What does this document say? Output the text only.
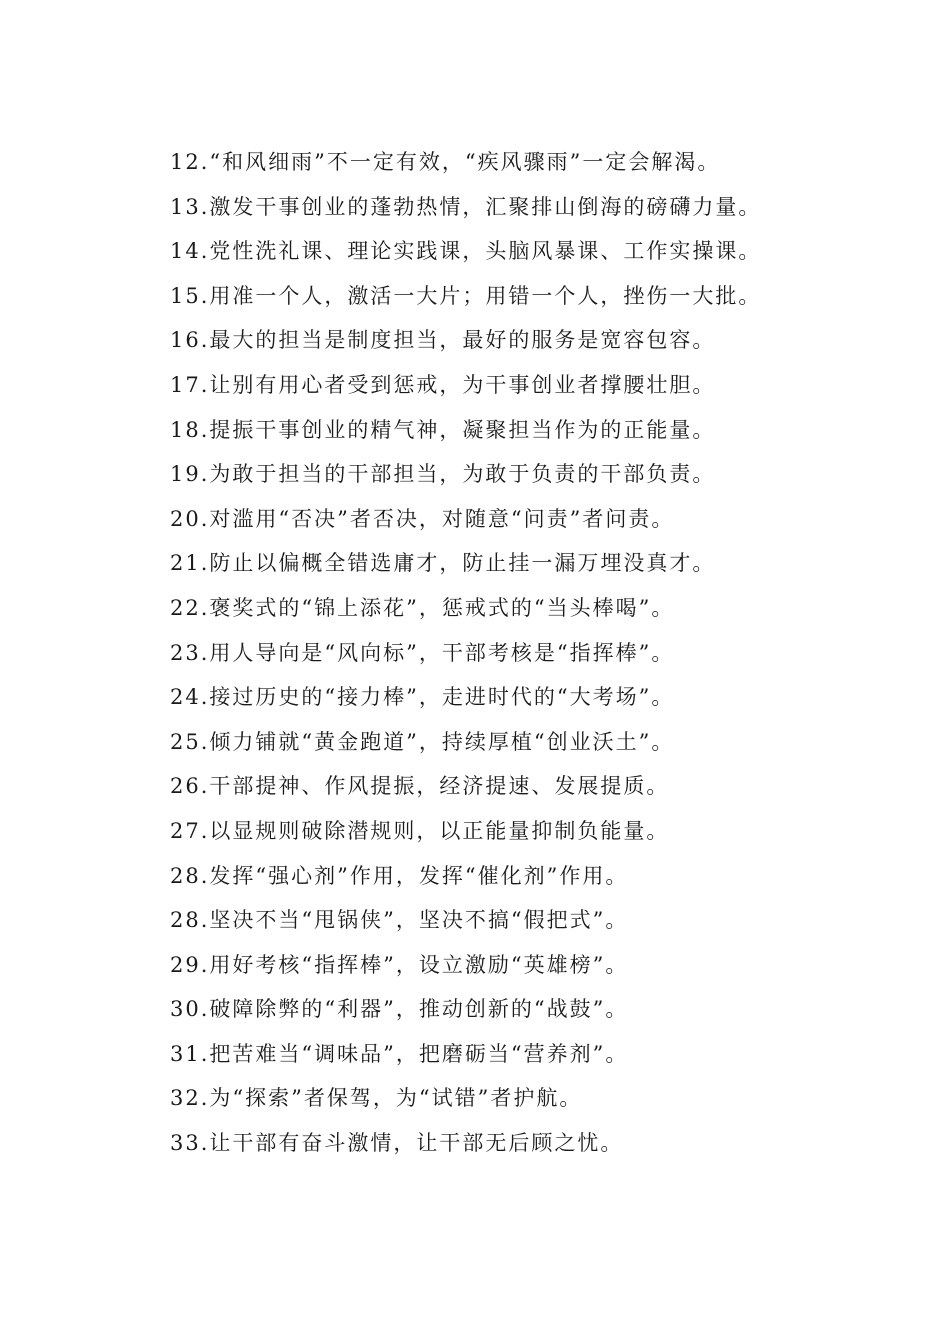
12.“和风细雨”不一定有效，“疾风骤雨”一定会解渴。
13.激发干事创业的蓬勃热情，汇聚排山倒海的磅礴力量。
14.党性洗礼课、理论实践课，头脑风暴课、工作实操课。
15.用准一个人，激活一大片；用错一个人，挫伤一大批。
16.最大的担当是制度担当，最好的服务是宽容包容。
17.让别有用心者受到惩戒，为干事创业者撑腰壮胆。
18.提振干事创业的精气神，凝聚担当作为的正能量。
19.为敢于担当的干部担当，为敢于负责的干部负责。
20.对滥用“否决”者否决，对随意“问责”者问责。
21.防止以偏概全错选庸才，防止挂一漏万埋没真才。
22.褒奖式的“锦上添花”，惩戒式的“当头棒喝”。
23.用人导向是“风向标”，干部考核是“指挥棒”。
24.接过历史的“接力棒”，走进时代的“大考场”。
25.倾力铺就“黄金跑道”，持续厚植“创业沃土”。
26.干部提神、作风提振，经济提速、发展提质。
27.以显规则破除潜规则，以正能量抑制负能量。
28.发挥“强心剂”作用，发挥“催化剂”作用。
28.坚决不当“甩锅侠”，坚决不搞“假把式”。
29.用好考核“指挥棒”，设立激励“英雄榜”。
30.破障除弊的“利器”，推动创新的“战鼓”。
31.把苦难当“调味品”，把磨砺当“营养剂”。
32.为“探索”者保驾，为“试错”者护航。
33.让干部有奋斗激情，让干部无后顾之忧。
